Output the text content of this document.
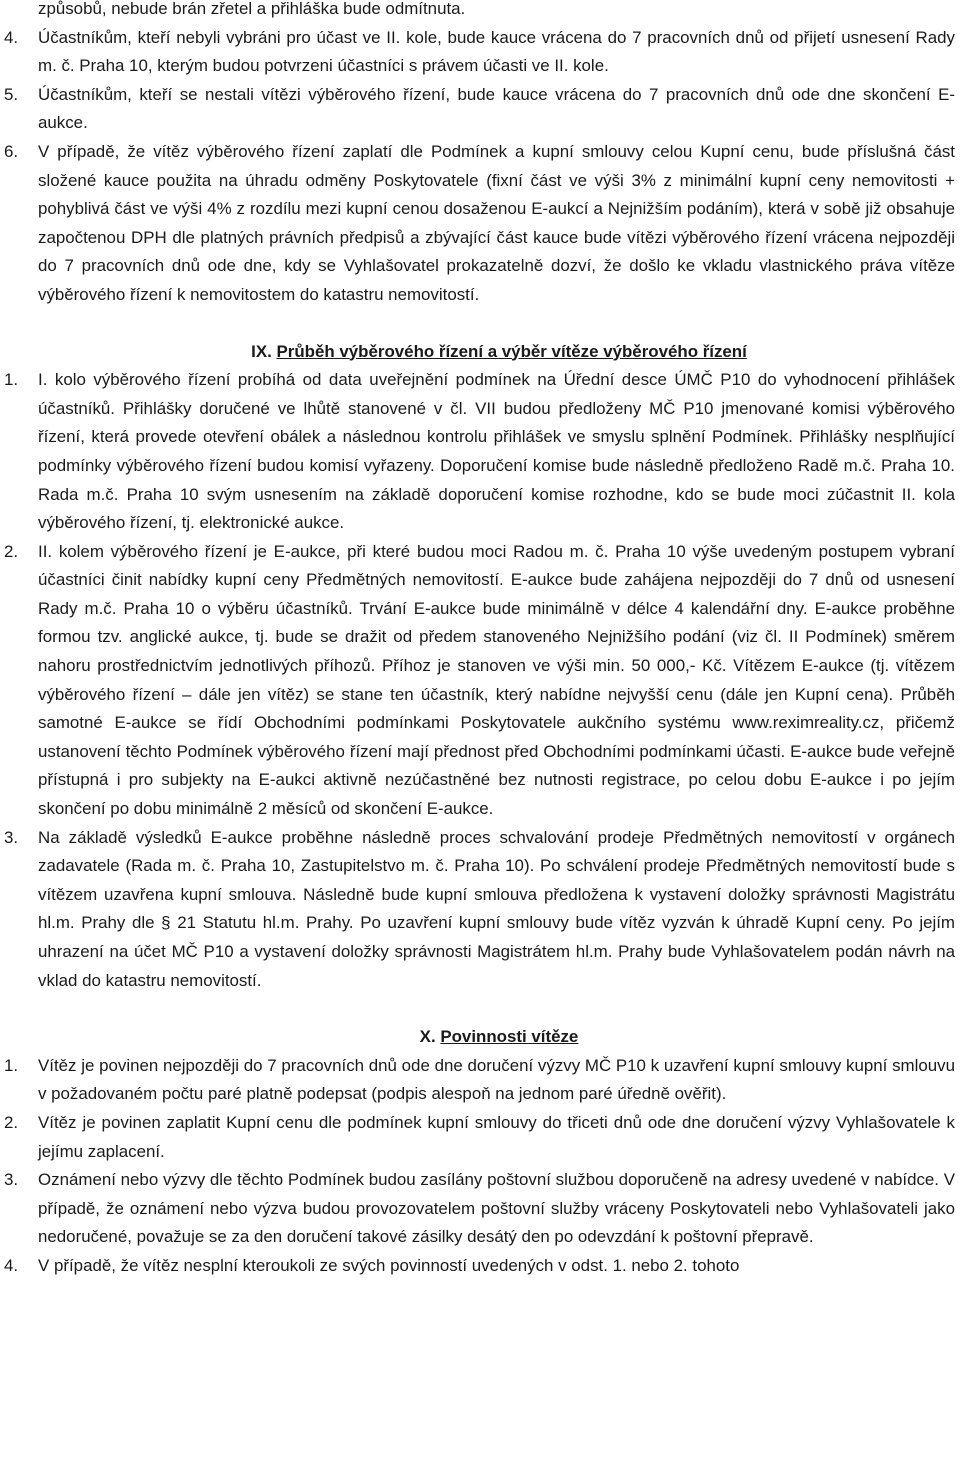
způsobů, nebude brán zřetel a přihláška bude odmítnuta.
4. Účastníkům, kteří nebyli vybráni pro účast ve II. kole, bude kauce vrácena do 7 pracovních dnů od přijetí usnesení Rady m. č. Praha 10, kterým budou potvrzeni účastníci s právem účasti ve II. kole.
5. Účastníkům, kteří se nestali vítězi výběrového řízení, bude kauce vrácena do 7 pracovních dnů ode dne skončení E-aukce.
6. V případě, že vítěz výběrového řízení zaplatí dle Podmínek a kupní smlouvy celou Kupní cenu, bude příslušná část složené kauce použita na úhradu odměny Poskytovatele (fixní část ve výši 3% z minimální kupní ceny nemovitosti + pohyblivá část ve výši 4% z rozdílu mezi kupní cenou dosaženou E-aukcí a Nejnižším podáním), která v sobě již obsahuje započtenou DPH dle platných právních předpisů a zbývající část kauce bude vítězi výběrového řízení vrácena nejpozději do 7 pracovních dnů ode dne, kdy se Vyhlašovatel prokazatelně dozví, že došlo ke vkladu vlastnického práva vítěze výběrového řízení k nemovitostem do katastru nemovitostí.
IX. Průběh výběrového řízení a výběr vítěze výběrového řízení
1. I. kolo výběrového řízení probíhá od data uveřejnění podmínek na Úřední desce ÚMČ P10 do vyhodnocení přihlášek účastníků. Přihlášky doručené ve lhůtě stanovené v čl. VII budou předloženy MČ P10 jmenované komisi výběrového řízení, která provede otevření obálek a následnou kontrolu přihlášek ve smyslu splnění Podmínek. Přihlášky nesplňující podmínky výběrového řízení budou komisí vyřazeny. Doporučení komise bude následně předloženo Radě m.č. Praha 10. Rada m.č. Praha 10 svým usnesením na základě doporučení komise rozhodne, kdo se bude moci zúčastnit II. kola výběrového řízení, tj. elektronické aukce.
2. II. kolem výběrového řízení je E-aukce, při které budou moci Radou m. č. Praha 10 výše uvedeným postupem vybraní účastníci činit nabídky kupní ceny Předmětných nemovitostí. E-aukce bude zahájena nejpozději do 7 dnů od usnesení Rady m.č. Praha 10 o výběru účastníků. Trvání E-aukce bude minimálně v délce 4 kalendářní dny. E-aukce proběhne formou tzv. anglické aukce, tj. bude se dražit od předem stanoveného Nejnižšího podání (viz čl. II Podmínek) směrem nahoru prostřednictvím jednotlivých příhozů. Příhoz je stanoven ve výši min. 50 000,- Kč. Vítězem E-aukce (tj. vítězem výběrového řízení – dále jen vítěz) se stane ten účastník, který nabídne nejvyšší cenu (dále jen Kupní cena). Průběh samotné E-aukce se řídí Obchodními podmínkami Poskytovatele aukčního systému www.reximreality.cz, přičemž ustanovení těchto Podmínek výběrového řízení mají přednost před Obchodními podmínkami účasti. E-aukce bude veřejně přístupná i pro subjekty na E-aukci aktivně nezúčastněné bez nutnosti registrace, po celou dobu E-aukce i po jejím skončení po dobu minimálně 2 měsíců od skončení E-aukce.
3. Na základě výsledků E-aukce proběhne následně proces schvalování prodeje Předmětných nemovitostí v orgánech zadavatele (Rada m. č. Praha 10, Zastupitelstvo m. č. Praha 10). Po schválení prodeje Předmětných nemovitostí bude s vítězem uzavřena kupní smlouva. Následně bude kupní smlouva předložena k vystavení doložky správnosti Magistrátu hl.m. Prahy dle § 21 Statutu hl.m. Prahy. Po uzavření kupní smlouvy bude vítěz vyzván k úhradě Kupní ceny. Po jejím uhrazení na účet MČ P10 a vystavení doložky správnosti Magistrátem hl.m. Prahy bude Vyhlašovatelem podán návrh na vklad do katastru nemovitostí.
X. Povinnosti vítěze
1. Vítěz je povinen nejpozději do 7 pracovních dnů ode dne doručení výzvy MČ P10 k uzavření kupní smlouvy kupní smlouvu v požadovaném počtu paré platně podepsat (podpis alespoň na jednom paré úředně ověřit).
2. Vítěz je povinen zaplatit Kupní cenu dle podmínek kupní smlouvy do třiceti dnů ode dne doručení výzvy Vyhlašovatele k jejímu zaplacení.
3. Oznámení nebo výzvy dle těchto Podmínek budou zasílány poštovní službou doporučeně na adresy uvedené v nabídce. V případě, že oznámení nebo výzva budou provozovatelem poštovní služby vráceny Poskytovateli nebo Vyhlašovateli jako nedoručené, považuje se za den doručení takové zásilky desátý den po odevzdání k poštovní přepravě.
4. V případě, že vítěz nesplní kteroukoli ze svých povinností uvedených v odst. 1. nebo 2. tohoto
